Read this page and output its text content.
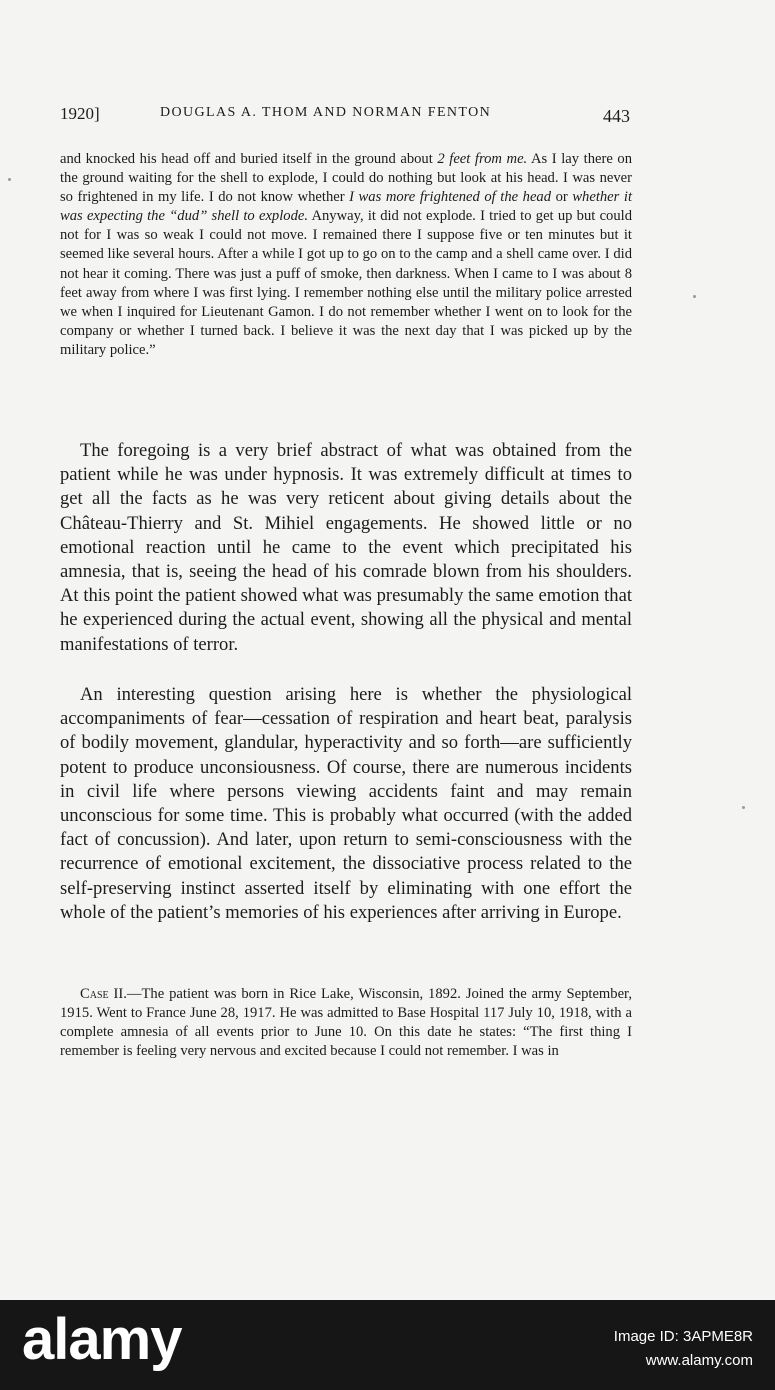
1920]	DOUGLAS A. THOM AND NORMAN FENTON	443

and knocked his head off and buried itself in the ground about 2 feet from me. As I lay there on the ground waiting for the shell to explode, I could do nothing but look at his head. I was never so frightened in my life. I do not know whether I was more frightened of the head or whether it was expecting the “dud” shell to explode. Anyway, it did not explode. I tried to get up but could not for I was so weak I could not move. I remained there I suppose five or ten minutes but it seemed like several hours. After a while I got up to go on to the camp and a shell came over. I did not hear it coming. There was just a puff of smoke, then darkness. When I came to I was about 8 feet away from where I was first lying. I remember nothing else until the military police arrested we when I inquired for Lieutenant Gamon. I do not remember whether I went on to look for the company or whether I turned back. I believe it was the next day that I was picked up by the military police.”

The foregoing is a very brief abstract of what was obtained from the patient while he was under hypnosis. It was extremely difficult at times to get all the facts as he was very reticent about giving details about the Château-Thierry and St. Mihiel engagements. He showed little or no emotional reaction until he came to the event which precipitated his amnesia, that is, seeing the head of his comrade blown from his shoulders. At this point the patient showed what was presumably the same emotion that he experienced during the actual event, showing all the physical and mental manifestations of terror.

An interesting question arising here is whether the physiological accompaniments of fear—cessation of respiration and heart beat, paralysis of bodily movement, glandular, hyperactivity and so forth—are sufficiently potent to produce unconsiousness. Of course, there are numerous incidents in civil life where persons viewing accidents faint and may remain unconscious for some time. This is probably what occurred (with the added fact of concussion). And later, upon return to semi-consciousness with the recurrence of emotional excitement, the dissociative process related to the self-preserving instinct asserted itself by eliminating with one effort the whole of the patient’s memories of his experiences after arriving in Europe.

Case II.—The patient was born in Rice Lake, Wisconsin, 1892. Joined the army September, 1915. Went to France June 28, 1917. He was admitted to Base Hospital 117 July 10, 1918, with a complete amnesia of all events prior to June 10. On this date he states: “The first thing I remember is feeling very nervous and excited because I could not remember. I was in

alamy	Image ID: 3APME8R
www.alamy.com
